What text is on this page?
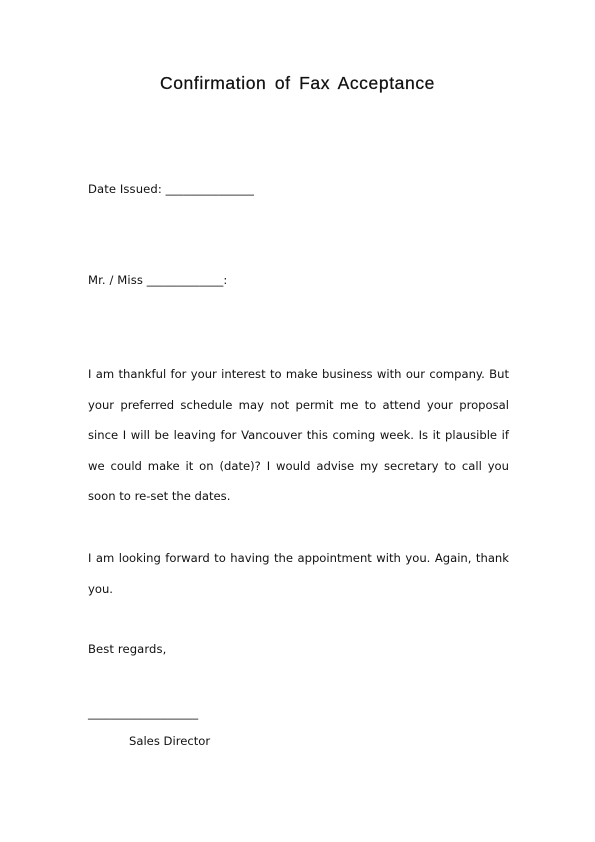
Confirmation of Fax Acceptance
Date Issued: _______________
Mr. / Miss _____________:

I am thankful for your interest to make business with our company. But your preferred schedule may not permit me to attend your proposal since I will be leaving for Vancouver this coming week. Is it plausible if we could make it on (date)? I would advise my secretary to call you soon to re-set the dates.

I am looking forward to having the appointment with you. Again, thank you.

Best regards,
___________________
Sales Director
